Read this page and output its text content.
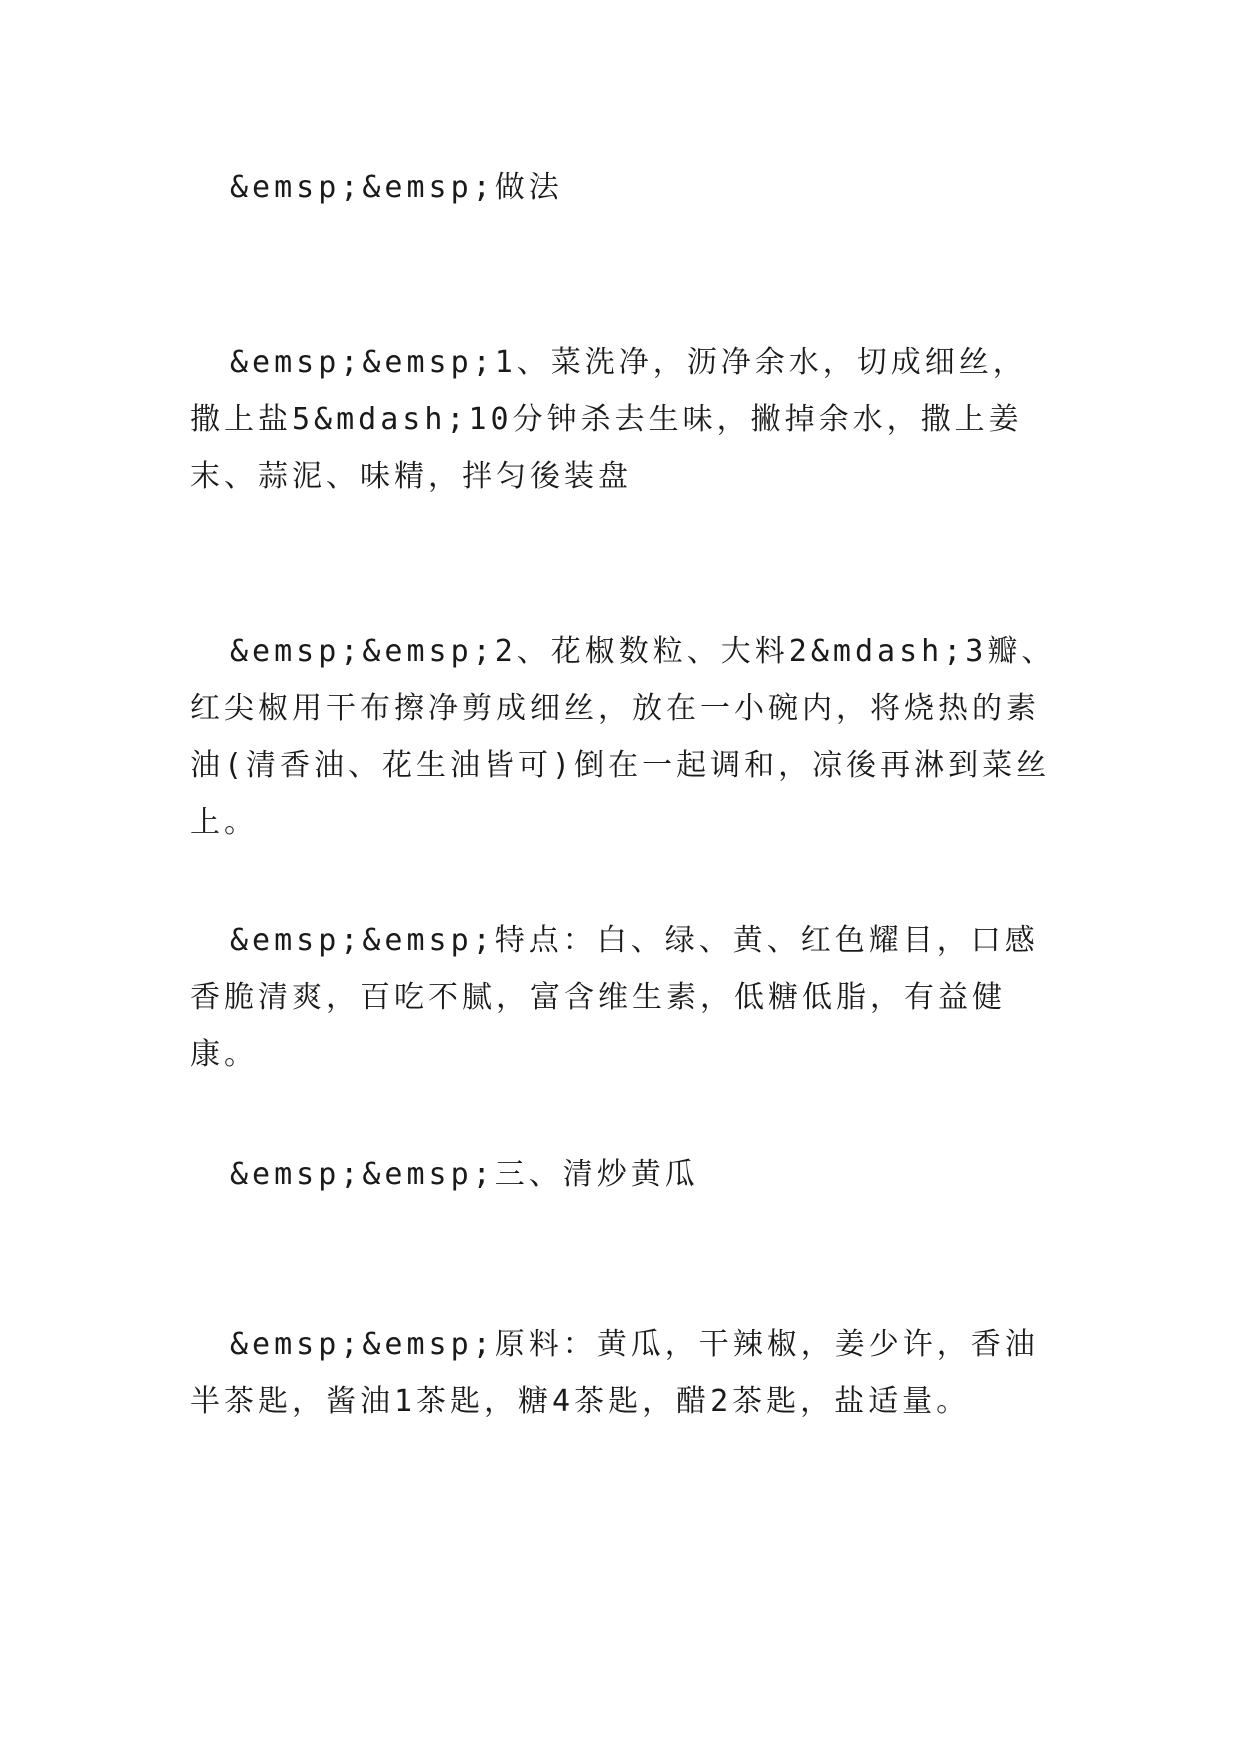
&emsp;&emsp;做法

&emsp;&emsp;1、菜洗净，沥净余水，切成细丝，撒上盐5&mdash;10分钟杀去生味，撇掉余水，撒上姜末、蒜泥、味精，拌匀後装盘

&emsp;&emsp;2、花椒数粒、大料2&mdash;3瓣、红尖椒用干布擦净剪成细丝，放在一小碗内，将烧热的素油(清香油、花生油皆可)倒在一起调和，凉後再淋到菜丝上。

&emsp;&emsp;特点：白、绿、黄、红色耀目，口感香脆清爽，百吃不腻，富含维生素，低糖低脂，有益健康。

&emsp;&emsp;三、清炒黄瓜

&emsp;&emsp;原料：黄瓜，干辣椒，姜少许，香油半茶匙，酱油1茶匙，糖4茶匙，醋2茶匙，盐适量。
